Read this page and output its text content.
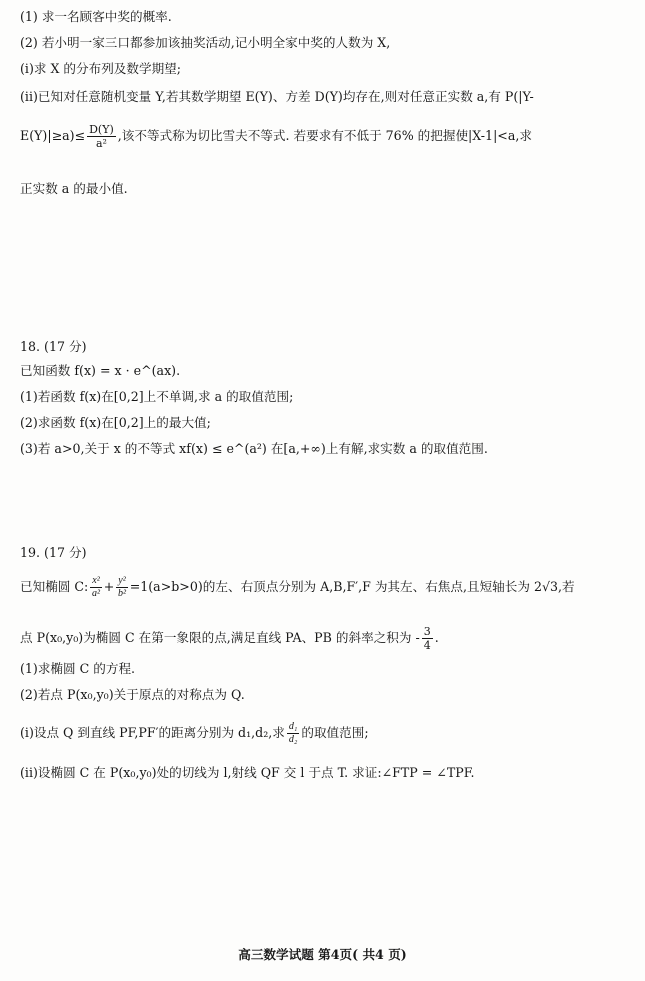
(1) 求一名顾客中奖的概率.
(2) 若小明一家三口都参加该抽奖活动,记小明全家中奖的人数为 X,
(i)求 X 的分布列及数学期望;
(ii)已知对任意随机变量 Y,若其数学期望 E(Y)、方差 D(Y)均存在,则对任意正实数 a,有 P(|Y-
$E(Y)|\ge a)\le \frac{D(Y)}{\text{a²}}$ ,该不等式称为切比雪夫不等式. 若要求有不低于 76% 的把握使|X-1|<a,求
正实数 a 的最小值.
18. (17 分)
已知函数 f(x) = x · e^(ax).
(1)若函数 f(x)在[0,2]上不单调,求 a 的取值范围;
(2)求函数 f(x)在[0,2]上的最大值;
(3)若 a>0,关于 x 的不等式 xf(x) ≤ e^(a²) 在[a,+∞)上有解,求实数 a 的取值范围.
19. (17 分)
已知椭圆 C: $\frac{\text{x²}}{\text{a²}} + \frac{\text{y²}}{\text{b²}} =1(a>b>0)$的左、右顶点分别为 A,B,F′,F 为其左、右焦点,且短轴长为 2√3,若
点 P(x₀,y₀)为椭圆 C 在第一象限的点,满足直线 PA、PB 的斜率之积为 - $\frac{3}{4}$ .
(1)求椭圆 C 的方程.
(2)若点 P(x₀,y₀)关于原点的对称点为 Q.
(i)设点 Q 到直线 PF,PF′的距离分别为 d₁,d₂,求 $\frac{\text{d₁}}{\text{d₂}}$ 的取值范围;
(ii)设椭圆 C 在 P(x₀,y₀)处的切线为 l,射线 QF 交 l 于点 T. 求证:∠FTP = ∠TPF.
高三数学试题 第4页( 共4 页)
